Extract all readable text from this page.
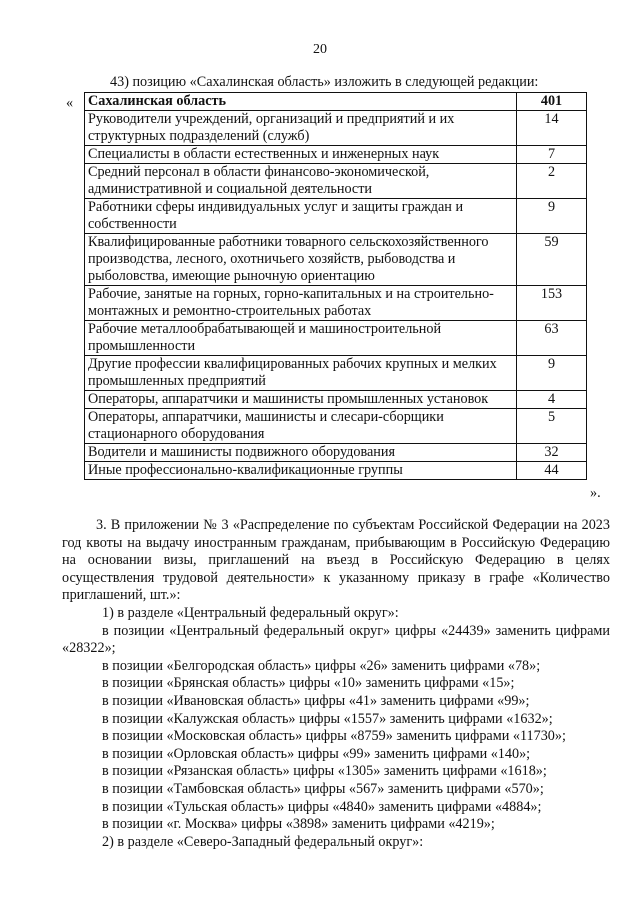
20
43) позицию «Сахалинская область» изложить в следующей редакции:
« Сахалинская область	401
Руководители учреждений, организаций и предприятий и их структурных подразделений (служб)	14
Специалисты в области естественных и инженерных наук	7
Средний персонал в области финансово-экономической, административной и социальной деятельности	2
Работники сферы индивидуальных услуг и защиты граждан и собственности	9
Квалифицированные работники товарного сельскохозяйственного производства, лесного, охотничьего хозяйств, рыбоводства и рыболовства, имеющие рыночную ориентацию	59
Рабочие, занятые на горных, горно-капитальных и на строительно-монтажных и ремонтно-строительных работах	153
Рабочие металлообрабатывающей и машиностроительной промышленности	63
Другие профессии квалифицированных рабочих крупных и мелких промышленных предприятий	9
Операторы, аппаратчики и машинисты промышленных установок	4
Операторы, аппаратчики, машинисты и слесари-сборщики стационарного оборудования	5
Водители и машинисты подвижного оборудования	32
Иные профессионально-квалификационные группы	44
».

3. В приложении № 3 «Распределение по субъектам Российской Федерации на 2023 год квоты на выдачу иностранным гражданам, прибывающим в Российскую Федерацию на основании визы, приглашений на въезд в Российскую Федерацию в целях осуществления трудовой деятельности» к указанному приказу в графе «Количество приглашений, шт.»:

1) в разделе «Центральный федеральный округ»:

в позиции «Центральный федеральный округ» цифры «24439» заменить цифрами «28322»;

в позиции «Белгородская область» цифры «26» заменить цифрами «78»;

в позиции «Брянская область» цифры «10» заменить цифрами «15»;

в позиции «Ивановская область» цифры «41» заменить цифрами «99»;

в позиции «Калужская область» цифры «1557» заменить цифрами «1632»;

в позиции «Московская область» цифры «8759» заменить цифрами «11730»;

в позиции «Орловская область» цифры «99» заменить цифрами «140»;

в позиции «Рязанская область» цифры «1305» заменить цифрами «1618»;

в позиции «Тамбовская область» цифры «567» заменить цифрами «570»;

в позиции «Тульская область» цифры «4840» заменить цифрами «4884»;

в позиции «г. Москва» цифры «3898» заменить цифрами «4219»;

2) в разделе «Северо-Западный федеральный округ»:
